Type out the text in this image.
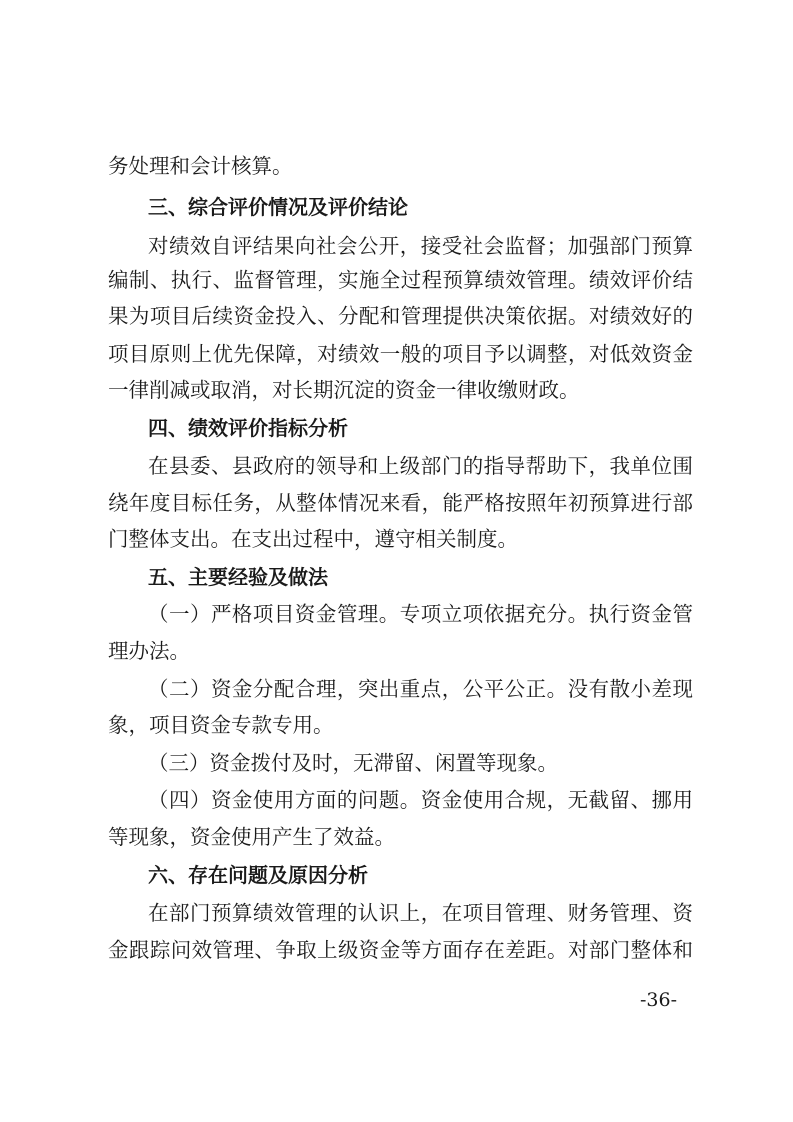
务处理和会计核算。
三、综合评价情况及评价结论
对绩效自评结果向社会公开，接受社会监督；加强部门预算
编制、执行、监督管理，实施全过程预算绩效管理。绩效评价结
果为项目后续资金投入、分配和管理提供决策依据。对绩效好的
项目原则上优先保障，对绩效一般的项目予以调整，对低效资金
一律削减或取消，对长期沉淀的资金一律收缴财政。
四、绩效评价指标分析
在县委、县政府的领导和上级部门的指导帮助下，我单位围
绕年度目标任务，从整体情况来看，能严格按照年初预算进行部
门整体支出。在支出过程中，遵守相关制度。
五、主要经验及做法
（一）严格项目资金管理。专项立项依据充分。执行资金管
理办法。
（二）资金分配合理，突出重点，公平公正。没有散小差现
象，项目资金专款专用。
（三）资金拨付及时，无滞留、闲置等现象。
（四）资金使用方面的问题。资金使用合规，无截留、挪用
等现象，资金使用产生了效益。
六、存在问题及原因分析
在部门预算绩效管理的认识上，在项目管理、财务管理、资
金跟踪问效管理、争取上级资金等方面存在差距。对部门整体和
-36-
